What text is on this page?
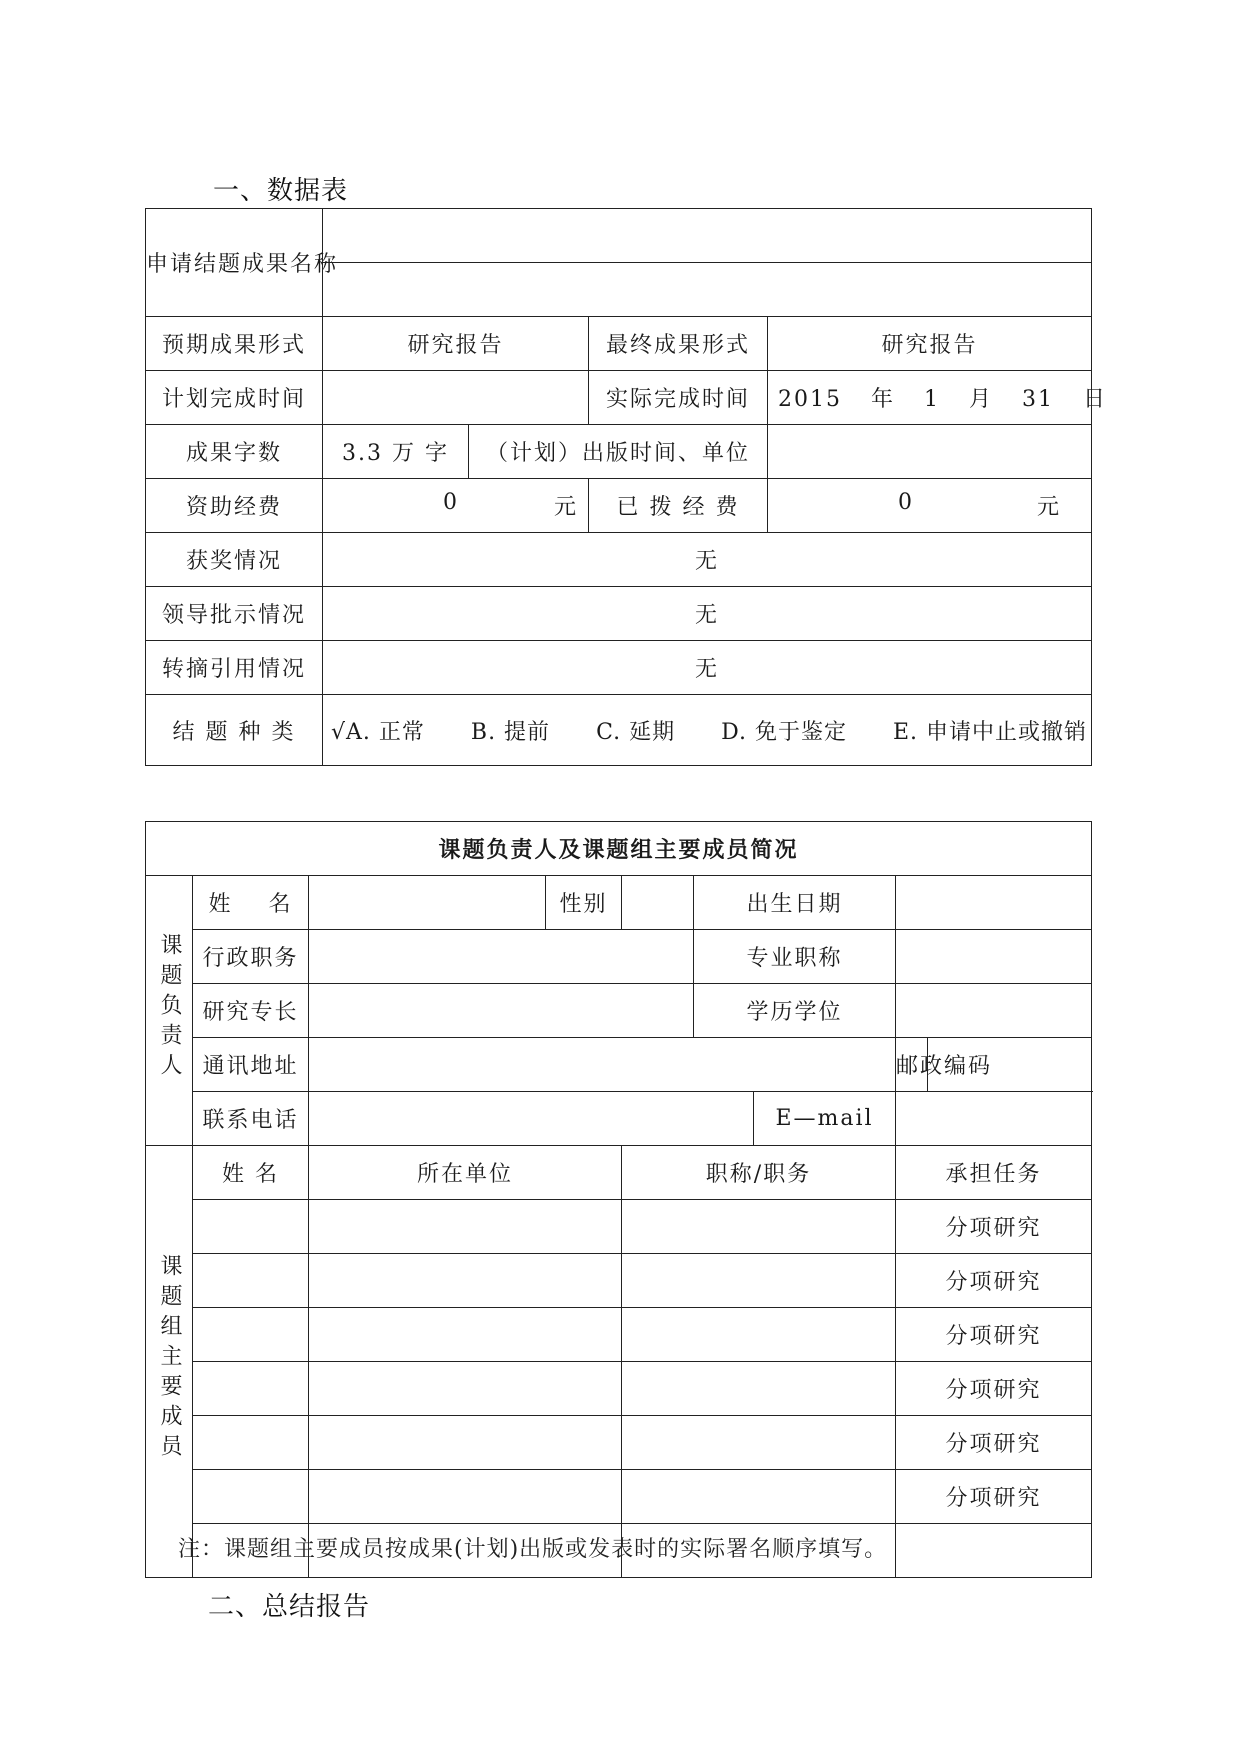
一、数据表
申请结题成果名称				

预期成果形式	研究报告		最终成果形式	研究报告
计划完成时间			实际完成时间	2015 年 1 月 31 日
成果字数	3.3 万 字	（计划）出版时间、单位		
资助经费	0 元		已 拨 经 费	0 元

获奖情况	无			
领导批示情况	无			
转摘引用情况	无			
结 题 种 类	√A. 正常 B. 提前 C. 延期 D. 免于鉴定 E. 申请中止或撤销			
课题负责人及课题组主要成员简况								
课题负责人	姓    名		性别		出生日期			
	行政职务				专业职称			
	研究专长				学历学位			
	通讯地址						邮政编码	
	联系电话					E—mail		
课题组主要成员	姓 名	所在单位		职称/职务			承担任务	
							分项研究	
							分项研究	
							分项研究	
							分项研究	
							分项研究	
							分项研究	

注：课题组主要成员按成果(计划)出版或发表时的实际署名顺序填写。
二、总结报告
